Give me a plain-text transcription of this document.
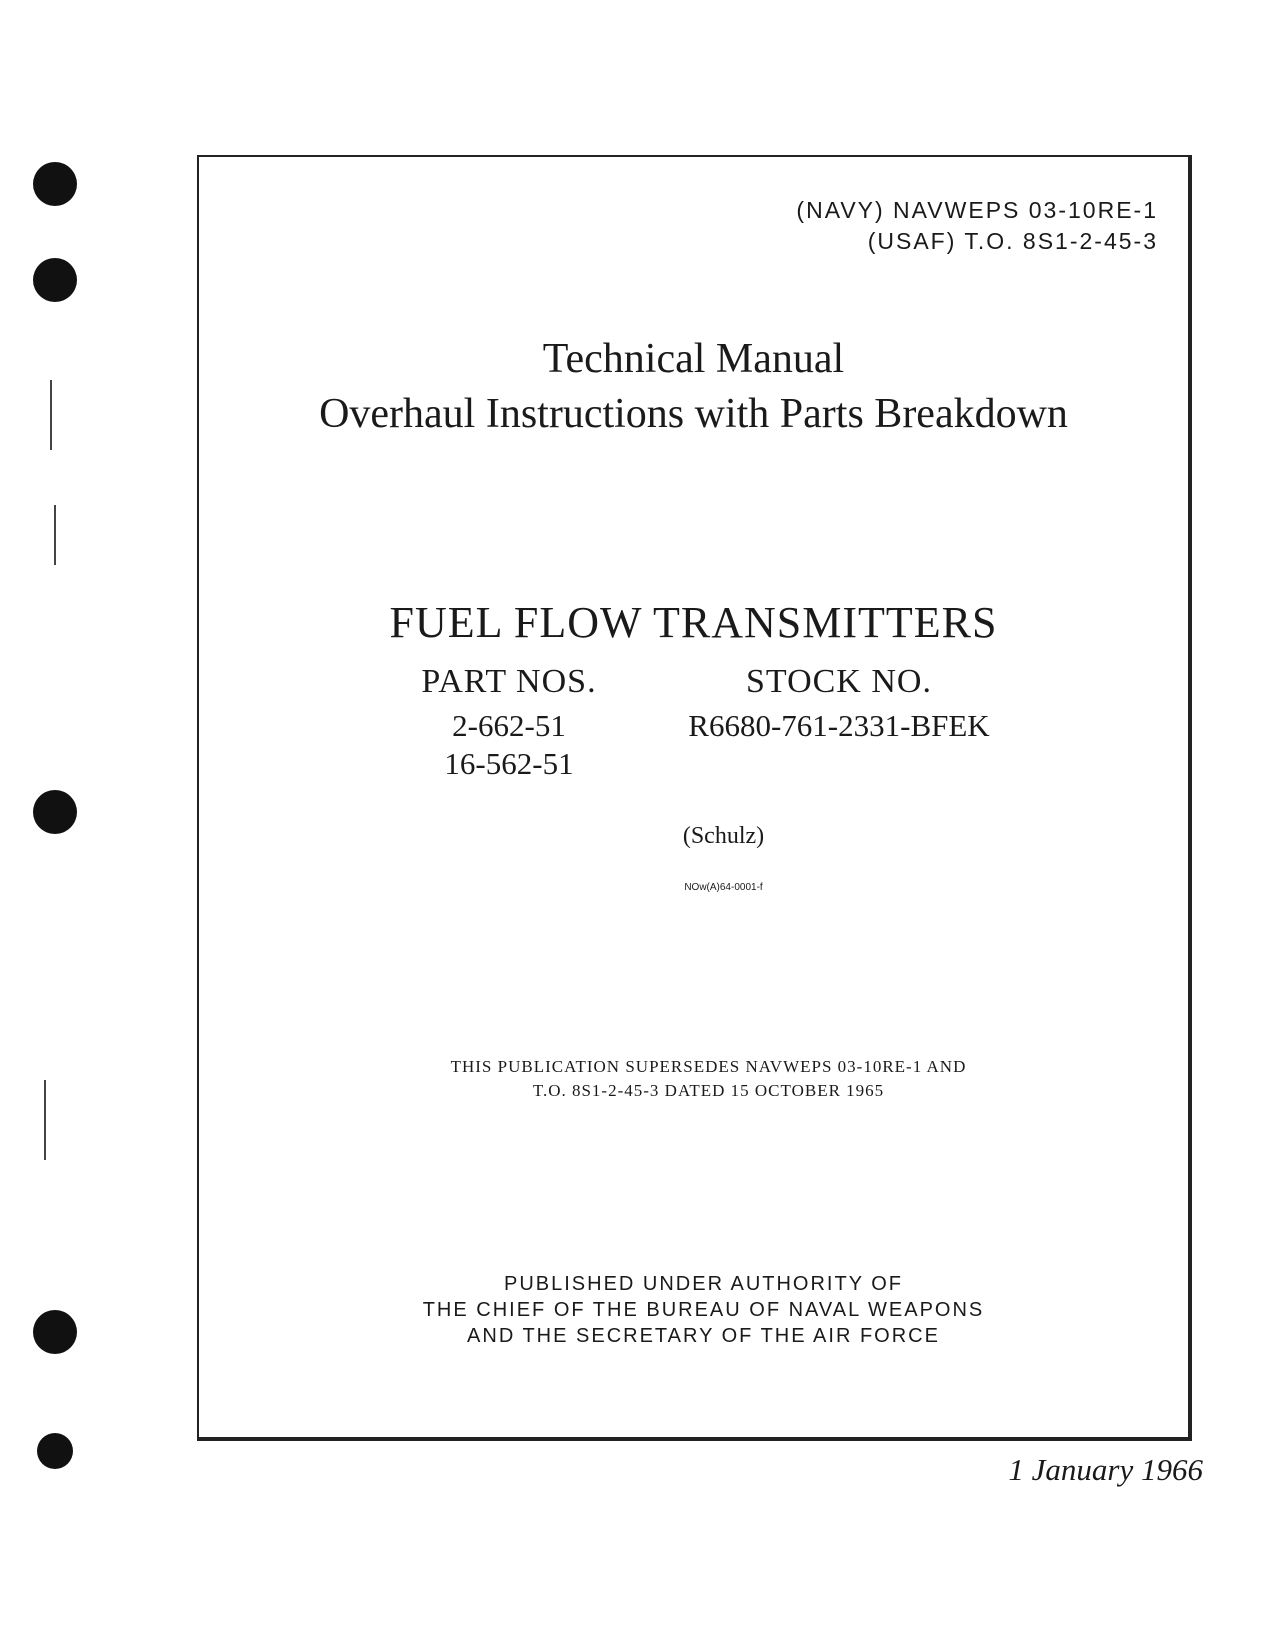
(NAVY) NAVWEPS 03-10RE-1
(USAF) T.O. 8S1-2-45-3
Technical Manual
Overhaul Instructions with Parts Breakdown
FUEL FLOW TRANSMITTERS
PART NOS.
2-662-51
16-562-51
STOCK NO.
R6680-761-2331-BFEK
(Schulz)
NOw(A)64-0001-f
THIS PUBLICATION SUPERSEDES NAVWEPS 03-10RE-1 AND
T.O. 8S1-2-45-3 DATED 15 OCTOBER 1965
PUBLISHED UNDER AUTHORITY OF
THE CHIEF OF THE BUREAU OF NAVAL WEAPONS
AND THE SECRETARY OF THE AIR FORCE
1 January 1966
